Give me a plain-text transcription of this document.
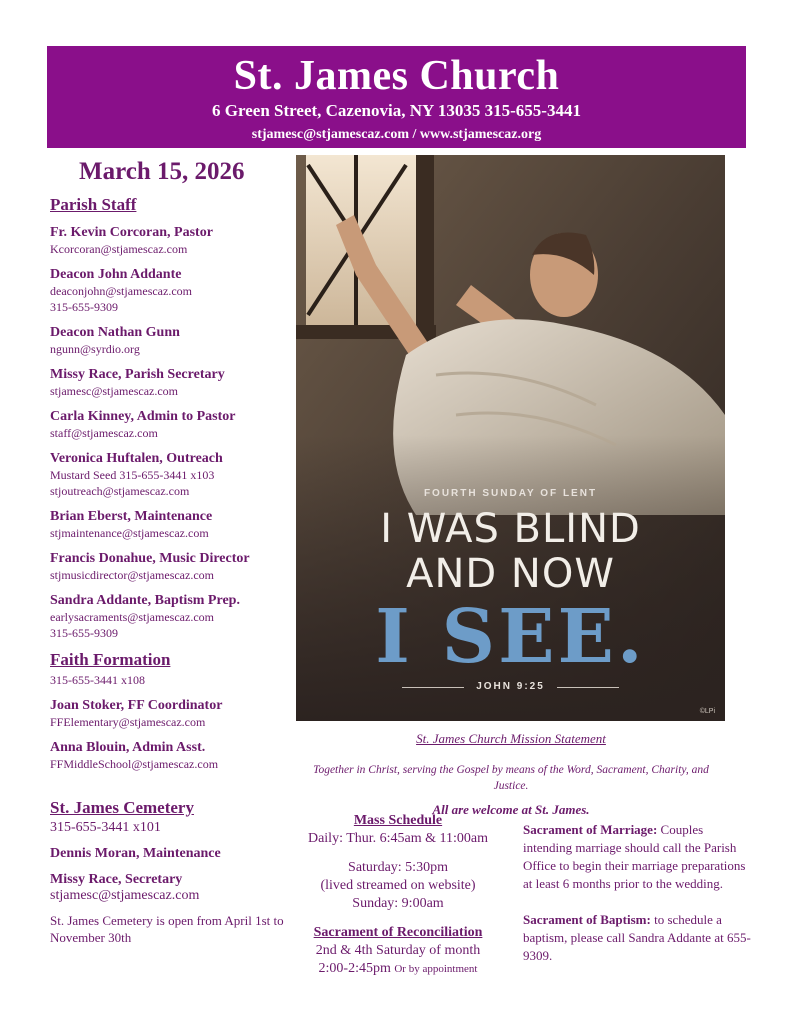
St. James Church
6 Green Street, Cazenovia, NY 13035 315-655-3441
stjamesc@stjamescaz.com / www.stjamescaz.org
March 15, 2026
Parish Staff
Fr. Kevin Corcoran, Pastor
Kcorcoran@stjamescaz.com
Deacon John Addante
deaconjohn@stjamescaz.com
315-655-9309
Deacon Nathan Gunn
ngunn@syrdio.org
Missy Race, Parish Secretary
stjamesc@stjamescaz.com
Carla Kinney, Admin to Pastor
staff@stjamescaz.com
Veronica Huftalen, Outreach
Mustard Seed 315-655-3441 x103
stjoutreach@stjamescaz.com
Brian Eberst, Maintenance
stjmaintenance@stjamescaz.com
Francis Donahue, Music Director
stjmusicdirector@stjamescaz.com
Sandra Addante, Baptism Prep.
earlysacraments@stjamescaz.com
315-655-9309
Faith Formation
315-655-3441 x108
Joan Stoker, FF Coordinator
FFElementary@stjamescaz.com
Anna Blouin, Admin Asst.
FFMiddleSchool@stjamescaz.com
St. James Cemetery
315-655-3441 x101
Dennis Moran, Maintenance
Missy Race, Secretary
stjamesc@stjamescaz.com
St. James Cemetery is open from April 1st to November 30th
FOURTH SUNDAY OF LENT
I WAS BLIND
AND NOW
I SEE.
JOHN 9:25
©LPi
St. James Church Mission Statement
Together in Christ, serving the Gospel by means of the Word, Sacrament, Charity, and Justice.
All are welcome at St. James.
Mass Schedule
Daily: Thur. 6:45am & 11:00am
Saturday: 5:30pm
(lived streamed on website)
Sunday: 9:00am
Sacrament of Reconciliation
2nd & 4th Saturday of month
2:00-2:45pm Or by appointment
Sacrament of Marriage: Couples intending marriage should call the Parish Office to begin their marriage preparations at least 6 months prior to the wedding.
Sacrament of Baptism: to schedule a baptism, please call Sandra Addante at 655-9309.
